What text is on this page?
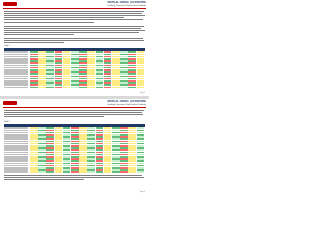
MOTILAL OSWAL | ECOSCOPE
Identifying Conventional Digital Lenders Profitability
Table 1
Page 2
MOTILAL OSWAL | ECOSCOPE
Identifying Conventional Digital Lenders Profitability
Table 2
Page 3
